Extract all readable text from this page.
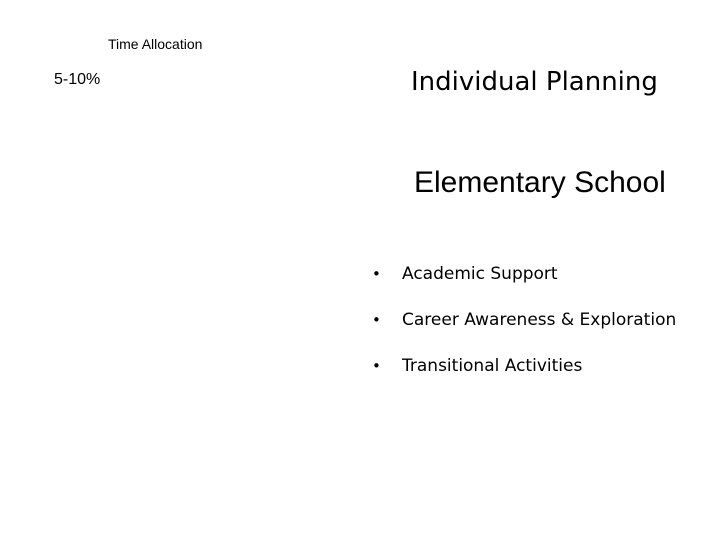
Time Allocation
5-10%	Individual Planning
Elementary School
•	Academic Support
•	Career Awareness & Exploration
•	Transitional Activities
